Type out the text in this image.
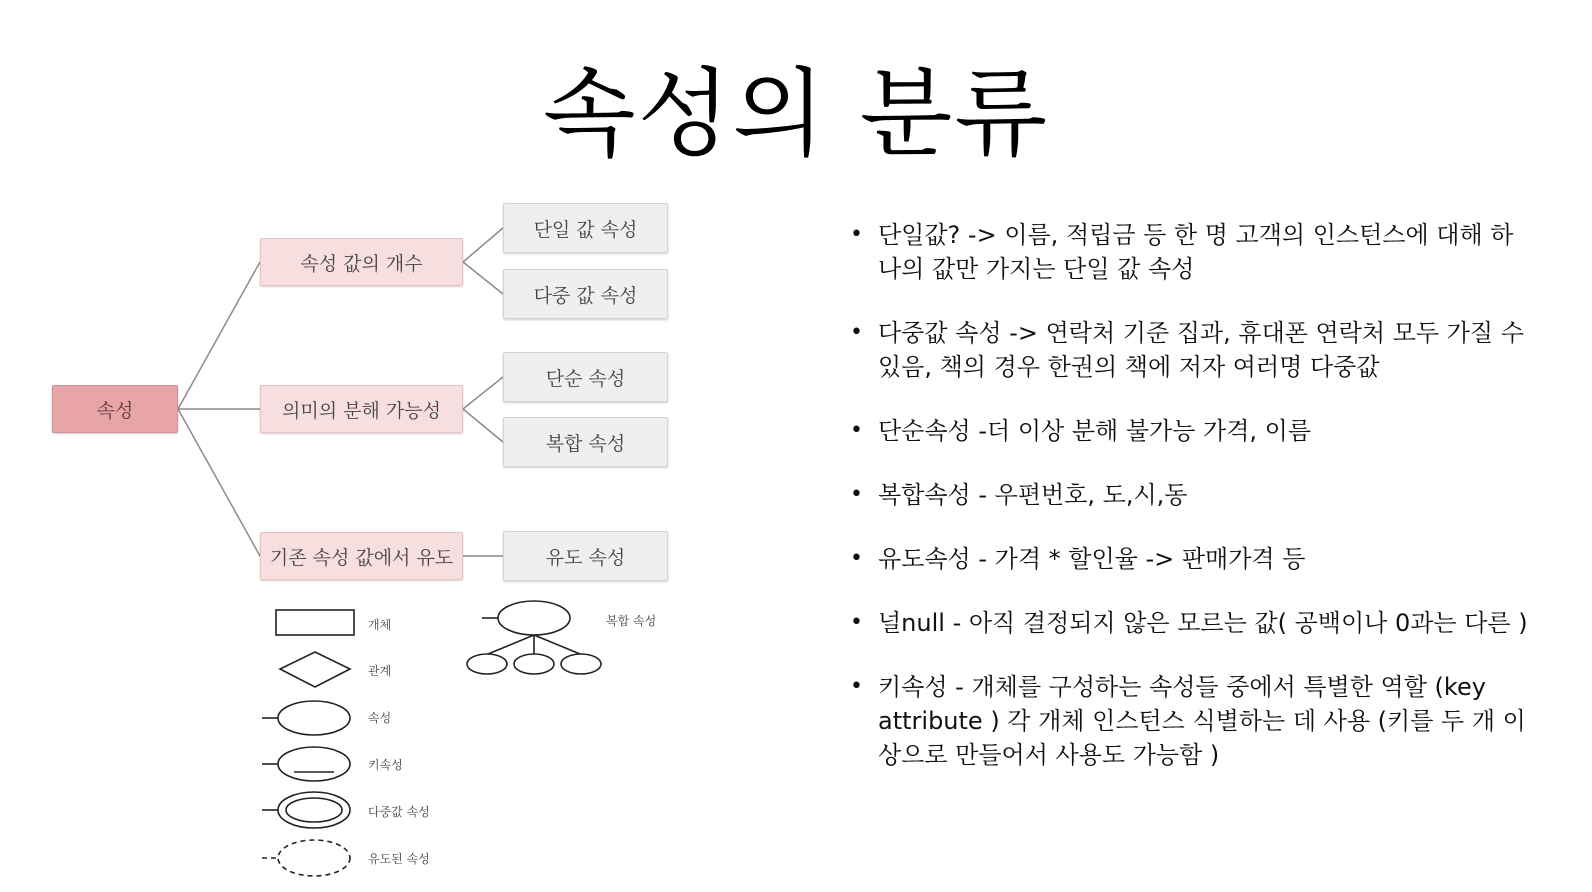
속성의 분류
속성
속성 값의 개수
의미의 분해 가능성
기존 속성 값에서 유도
단일 값 속성
다중 값 속성
단순 속성
복합 속성
유도 속성
개체
관계
속성
키속성
다중값 속성
유도된 속성
복합 속성
• 단일값? -> 이름, 적립금 등 한 명 고객의 인스턴스에 대해 하나의 값만 가지는 단일 값 속성
• 다중값 속성 -> 연락처 기준 집과, 휴대폰 연락처 모두 가질 수 있음, 책의 경우 한권의 책에 저자 여러명 다중값
• 단순속성 -더 이상 분해 불가능 가격, 이름
• 복합속성 - 우편번호, 도,시,동
• 유도속성 - 가격 * 할인율 -> 판매가격 등
• 널null - 아직 결정되지 않은 모르는 값( 공백이나 0과는 다른 )
• 키속성 - 개체를 구성하는 속성들 중에서 특별한 역할 (key attribute ) 각 개체 인스턴스 식별하는 데 사용 (키를 두 개 이상으로 만들어서 사용도 가능함 )
